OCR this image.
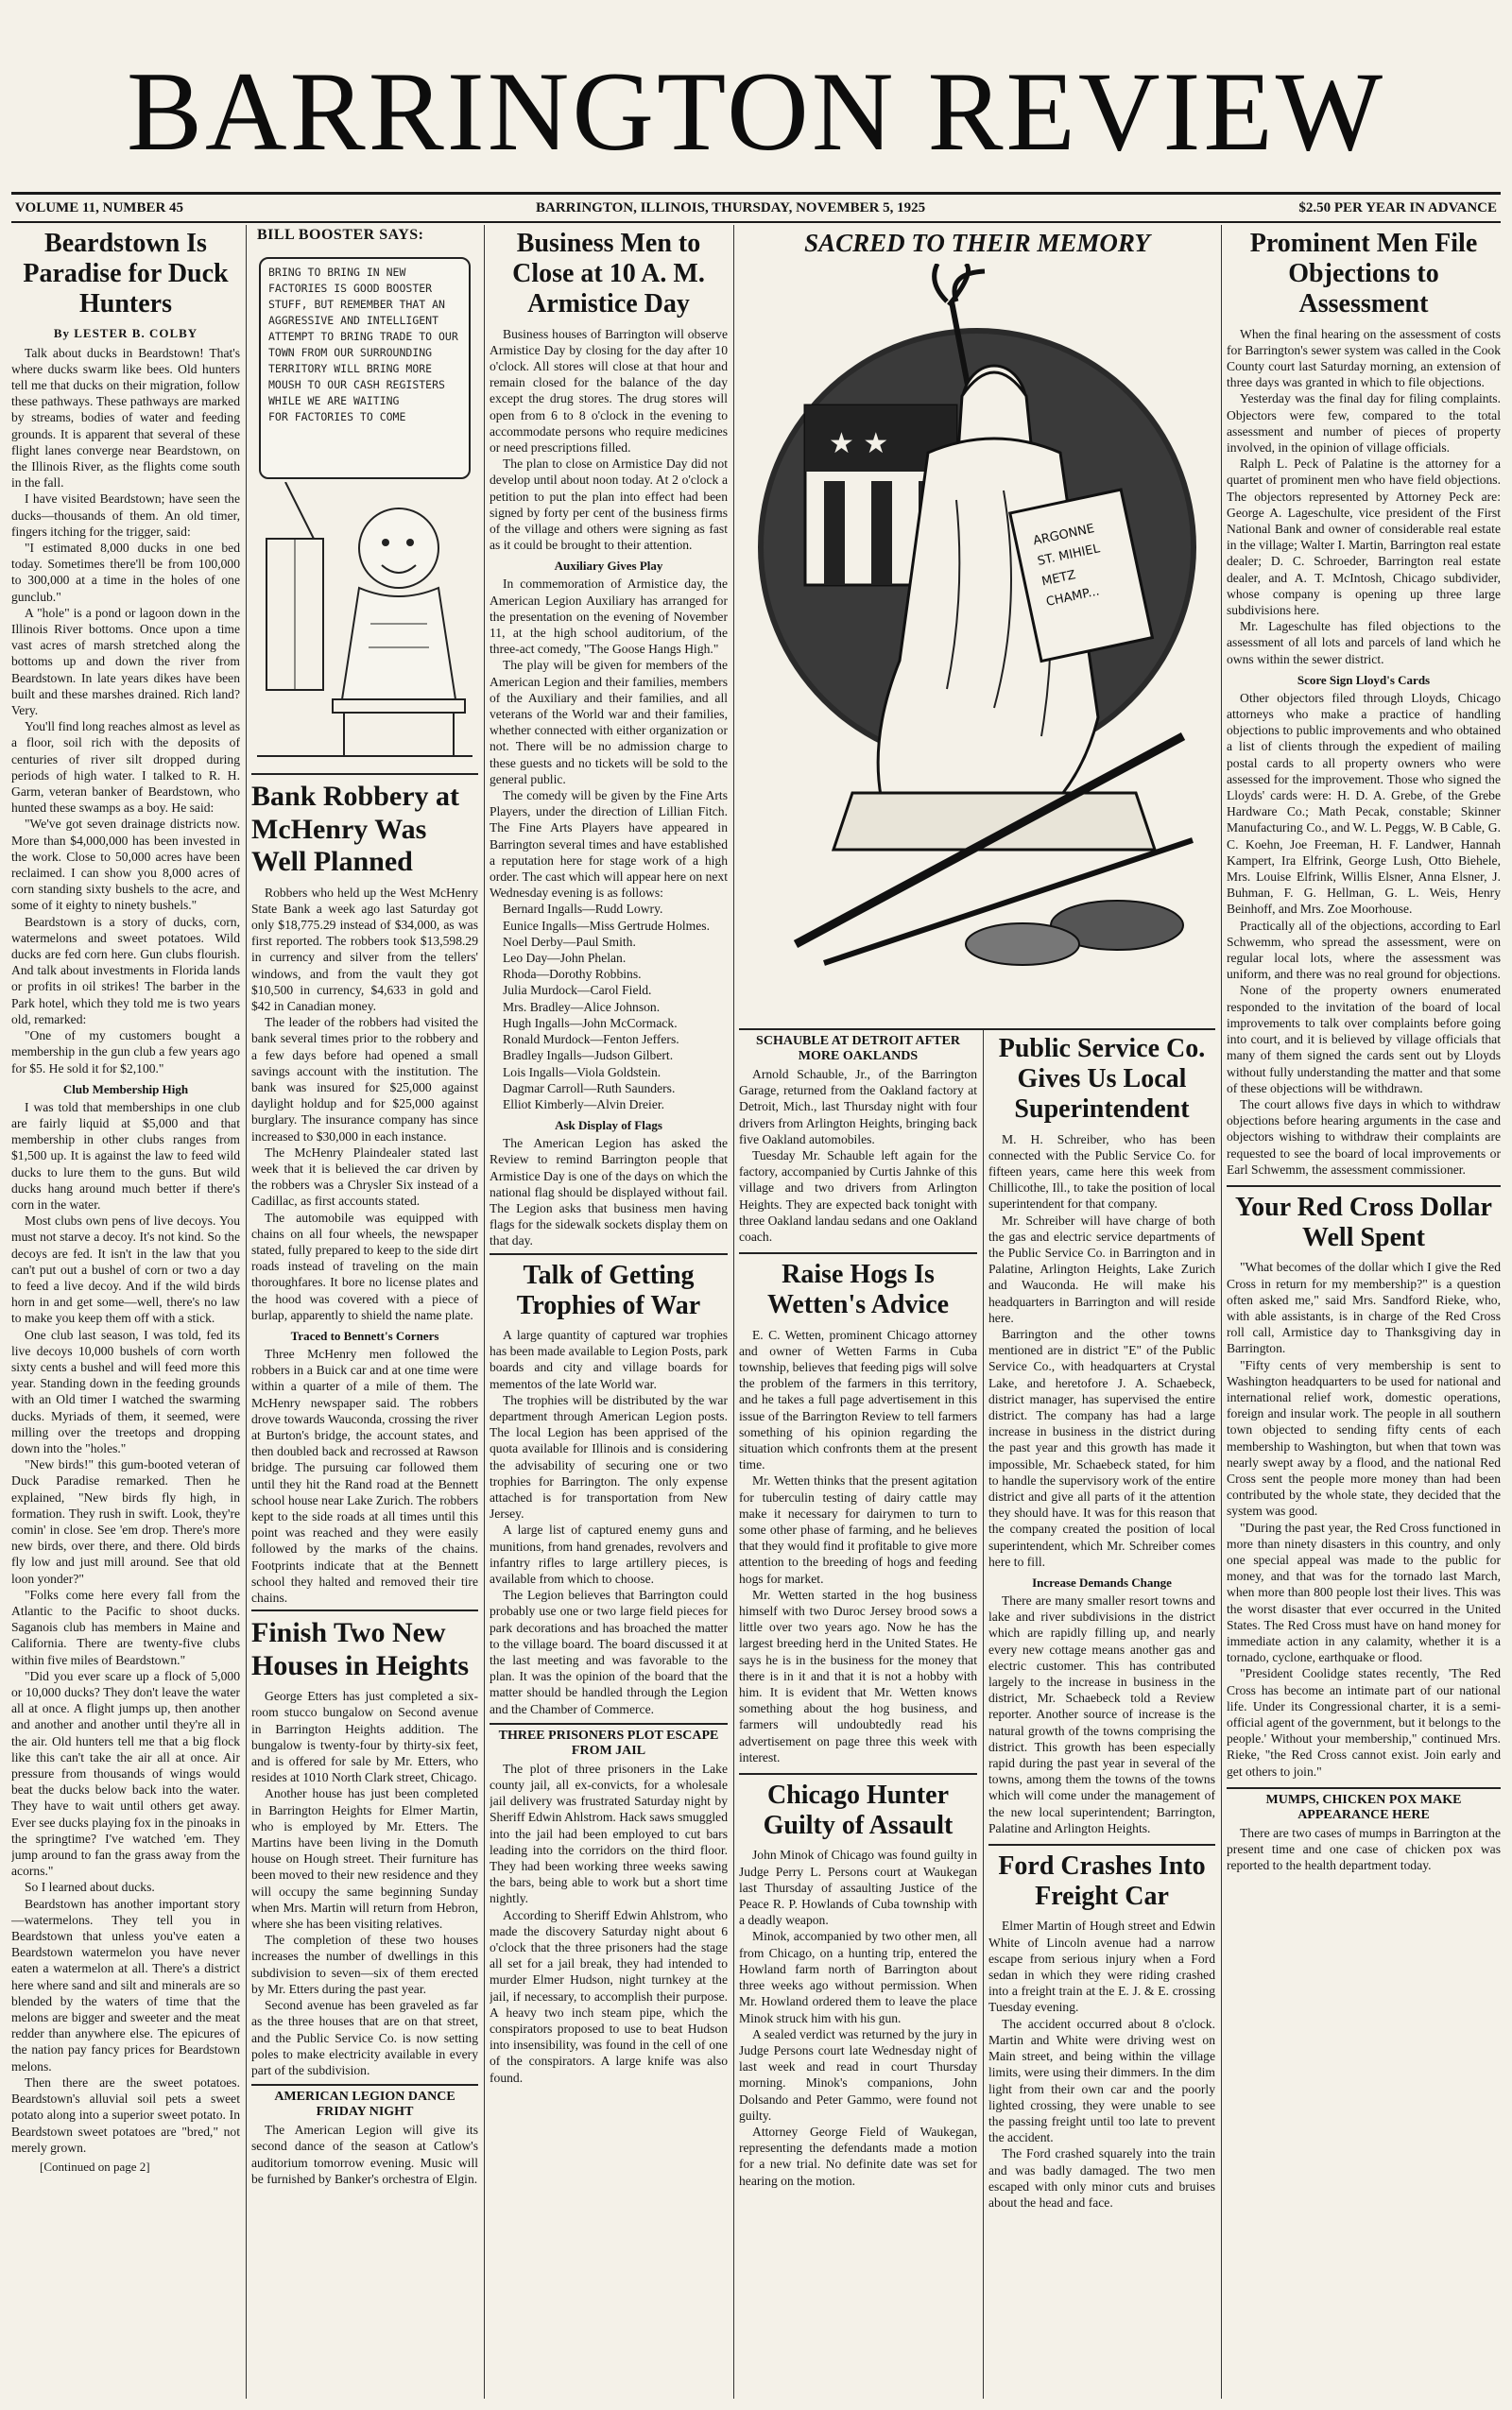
BARRINGTON REVIEW
VOLUME 11, NUMBER 45	BARRINGTON, ILLINOIS, THURSDAY, NOVEMBER 5, 1925	$2.50 PER YEAR IN ADVANCE
Beardstown Is Paradise for Duck Hunters
By LESTER B. COLBY

Talk about ducks in Beardstown! That's where ducks swarm like bees. Old hunters tell me that ducks on their migration, follow these pathways. These pathways are marked by streams, bodies of water and feeding grounds. It is apparent that several of these flight lanes converge near Beardstown, on the Illinois River, as the flights come south in the fall.

I have visited Beardstown; have seen the ducks—thousands of them. An old timer, fingers itching for the trigger, said:

"I estimated 8,000 ducks in one bed today. Sometimes there'll be from 100,000 to 300,000 at a time in the holes of one gunclub."

A "hole" is a pond or lagoon down in the Illinois River bottoms. Once upon a time vast acres of marsh stretched along the bottoms up and down the river from Beardstown. In late years dikes have been built and these marshes drained. Rich land? Very.

You'll find long reaches almost as level as a floor, soil rich with the deposits of centuries of river silt dropped during periods of high water. I talked to R. H. Garm, veteran banker of Beardstown, who hunted these swamps as a boy. He said:

"We've got seven drainage districts now. More than $4,000,000 has been invested in the work. Close to 50,000 acres have been reclaimed. I can show you 8,000 acres of corn standing sixty bushels to the acre, and some of it eighty to ninety bushels."

Beardstown is a story of ducks, corn, watermelons and sweet potatoes. Wild ducks are fed corn here. Gun clubs flourish. And talk about investments in Florida lands or profits in oil strikes! The barber in the Park hotel, which they told me is two years old, remarked:

"One of my customers bought a membership in the gun club a few years ago for $5. He sold it for $2,100."

Club Membership High

I was told that memberships in one club are fairly liquid at $5,000 and that membership in other clubs ranges from $1,500 up. It is against the law to feed wild ducks to lure them to the guns. But wild ducks hang around much better if there's corn in the water.

Most clubs own pens of live decoys. You must not starve a decoy. It's not kind. So the decoys are fed. It isn't in the law that you can't put out a bushel of corn or two a day to feed a live decoy. And if the wild birds horn in and get some—well, there's no law to make you keep them off with a stick.

One club last season, I was told, fed its live decoys 10,000 bushels of corn worth sixty cents a bushel and will feed more this year. Standing down in the feeding grounds with an Old timer I watched the swarming ducks. Myriads of them, it seemed, were milling over the treetops and dropping down into the "holes."

"New birds!" this gum-booted veteran of Duck Paradise remarked. Then he explained, "New birds fly high, in formation. They rush in swift. Look, they're comin' in close. See 'em drop. There's more new birds, over there, and there. Old birds fly low and just mill around. See that old loon yonder?"

"Folks come here every fall from the Atlantic to the Pacific to shoot ducks. Saganois club has members in Maine and California. There are twenty-five clubs within five miles of Beardstown."

"Did you ever scare up a flock of 5,000 or 10,000 ducks? They don't leave the water all at once. A flight jumps up, then another and another and another until they're all in the air. Old hunters tell me that a big flock like this can't take the air all at once. Air pressure from thousands of wings would beat the ducks below back into the water. They have to wait until others get away. Ever see ducks playing fox in the pinoaks in the springtime? I've watched 'em. They jump around to fan the grass away from the acorns."

So I learned about ducks.

Beardstown has another important story—watermelons. They tell you in Beardstown that unless you've eaten a Beardstown watermelon you have never eaten a watermelon at all. There's a district here where sand and silt and minerals are so blended by the waters of time that the melons are bigger and sweeter and the meat redder than anywhere else. The epicures of the nation pay fancy prices for Beardstown melons.

Then there are the sweet potatoes. Beardstown's alluvial soil pets a sweet potato along into a superior sweet potato. In Beardstown sweet potatoes are "bred," not merely grown.

[Continued on page 2]
BILL BOOSTER SAYS:
BRING TO BRING IN NEW
FACTORIES IS GOOD BOOSTER
STUFF, BUT REMEMBER THAT AN
AGGRESSIVE AND INTELLIGENT
ATTEMPT TO BRING TRADE TO OUR
TOWN FROM OUR SURROUNDING
TERRITORY WILL BRING MORE
MOUSH TO OUR CASH REGISTERS
WHILE WE ARE WAITING
FOR FACTORIES TO COME
Bank Robbery at McHenry Was Well Planned

Robbers who held up the West McHenry State Bank a week ago last Saturday got only $18,775.29 instead of $34,000, as was first reported. The robbers took $13,598.29 in currency and silver from the tellers' windows, and from the vault they got $10,500 in currency, $4,633 in gold and $42 in Canadian money.

The leader of the robbers had visited the bank several times prior to the robbery and a few days before had opened a small savings account with the institution. The bank was insured for $25,000 against daylight holdup and for $25,000 against burglary. The insurance company has since increased to $30,000 in each instance.

The McHenry Plaindealer stated last week that it is believed the car driven by the robbers was a Chrysler Six instead of a Cadillac, as first accounts stated.

The automobile was equipped with chains on all four wheels, the newspaper stated, fully prepared to keep to the side dirt roads instead of traveling on the main thoroughfares. It bore no license plates and the hood was covered with a piece of burlap, apparently to shield the name plate.

Traced to Bennett's Corners

Three McHenry men followed the robbers in a Buick car and at one time were within a quarter of a mile of them. The McHenry newspaper said. The robbers drove towards Wauconda, crossing the river at Burton's bridge, the account states, and then doubled back and recrossed at Rawson bridge. The pursuing car followed them until they hit the Rand road at the Bennett school house near Lake Zurich. The robbers kept to the side roads at all times until this point was reached and they were easily followed by the marks of the chains. Footprints indicate that at the Bennett school they halted and removed their tire chains.

Finish Two New Houses in Heights

George Etters has just completed a six-room stucco bungalow on Second avenue in Barrington Heights addition. The bungalow is twenty-four by thirty-six feet, and is offered for sale by Mr. Etters, who resides at 1010 North Clark street, Chicago.

Another house has just been completed in Barrington Heights for Elmer Martin, who is employed by Mr. Etters. The Martins have been living in the Domuth house on Hough street. Their furniture has been moved to their new residence and they will occupy the same beginning Sunday when Mrs. Martin will return from Hebron, where she has been visiting relatives.

The completion of these two houses increases the number of dwellings in this subdivision to seven—six of them erected by Mr. Etters during the past year.

Second avenue has been graveled as far as the three houses that are on that street, and the Public Service Co. is now setting poles to make electricity available in every part of the subdivision.

AMERICAN LEGION DANCE FRIDAY NIGHT

The American Legion will give its second dance of the season at Catlow's auditorium tomorrow evening. Music will be furnished by Banker's orchestra of Elgin.

Business Men to Close at 10 A. M. Armistice Day

Business houses of Barrington will observe Armistice Day by closing for the day after 10 o'clock. All stores will close at that hour and remain closed for the balance of the day except the drug stores. The drug stores will open from 6 to 8 o'clock in the evening to accommodate persons who require medicines or need prescriptions filled.

The plan to close on Armistice Day did not develop until about noon today. At 2 o'clock a petition to put the plan into effect had been signed by forty per cent of the business firms of the village and others were signing as fast as it could be brought to their attention.

Auxiliary Gives Play

In commemoration of Armistice day, the American Legion Auxiliary has arranged for the presentation on the evening of November 11, at the high school auditorium, of the three-act comedy, "The Goose Hangs High."

The play will be given for members of the American Legion and their families, members of the Auxiliary and their families, and all veterans of the World war and their families, whether connected with either organization or not. There will be no admission charge to these guests and no tickets will be sold to the general public.

The comedy will be given by the Fine Arts Players, under the direction of Lillian Fitch. The Fine Arts Players have appeared in Barrington several times and have established a reputation here for stage work of a high order. The cast which will appear here on next Wednesday evening is as follows:

Bernard Ingalls—Rudd Lowry.

Eunice Ingalls—Miss Gertrude Holmes.

Noel Derby—Paul Smith.

Leo Day—John Phelan.

Rhoda—Dorothy Robbins.

Julia Murdock—Carol Field.

Mrs. Bradley—Alice Johnson.

Hugh Ingalls—John McCormack.

Ronald Murdock—Fenton Jeffers.

Bradley Ingalls—Judson Gilbert.

Lois Ingalls—Viola Goldstein.

Dagmar Carroll—Ruth Saunders.

Elliot Kimberly—Alvin Dreier.

Ask Display of Flags

The American Legion has asked the Review to remind Barrington people that Armistice Day is one of the days on which the national flag should be displayed without fail. The Legion asks that business men having flags for the sidewalk sockets display them on that day.

Talk of Getting Trophies of War

A large quantity of captured war trophies has been made available to Legion Posts, park boards and city and village boards for mementos of the late World war.

The trophies will be distributed by the war department through American Legion posts. The local Legion has been apprised of the quota available for Illinois and is considering the advisability of securing one or two trophies for Barrington. The only expense attached is for transportation from New Jersey.

A large list of captured enemy guns and munitions, from hand grenades, revolvers and infantry rifles to large artillery pieces, is available from which to choose.

The Legion believes that Barrington could probably use one or two large field pieces for park decorations and has broached the matter to the village board. The board discussed it at the last meeting and was favorable to the plan. It was the opinion of the board that the matter should be handled through the Legion and the Chamber of Commerce.

THREE PRISONERS PLOT ESCAPE FROM JAIL

The plot of three prisoners in the Lake county jail, all ex-convicts, for a wholesale jail delivery was frustrated Saturday night by Sheriff Edwin Ahlstrom. Hack saws smuggled into the jail had been employed to cut bars leading into the corridors on the third floor. They had been working three weeks sawing the bars, being able to work but a short time nightly.

According to Sheriff Edwin Ahlstrom, who made the discovery Saturday night about 6 o'clock that the three prisoners had the stage all set for a jail break, they had intended to murder Elmer Hudson, night turnkey at the jail, if necessary, to accomplish their purpose. A heavy two inch steam pipe, which the conspirators proposed to use to beat Hudson into insensibility, was found in the cell of one of the conspirators. A large knife was also found.

SACRED TO THEIR MEMORY
★ ★
ARGONNE
ST. MIHIEL
METZ
CHAMP...
SCHAUBLE AT DETROIT AFTER MORE OAKLANDS

Arnold Schauble, Jr., of the Barrington Garage, returned from the Oakland factory at Detroit, Mich., last Thursday night with four drivers from Arlington Heights, bringing back five Oakland automobiles.

Tuesday Mr. Schauble left again for the factory, accompanied by Curtis Jahnke of this village and two drivers from Arlington Heights. They are expected back tonight with three Oakland landau sedans and one Oakland coach.

Raise Hogs Is Wetten's Advice

E. C. Wetten, prominent Chicago attorney and owner of Wetten Farms in Cuba township, believes that feeding pigs will solve the problem of the farmers in this territory, and he takes a full page advertisement in this issue of the Barrington Review to tell farmers something of his opinion regarding the situation which confronts them at the present time.

Mr. Wetten thinks that the present agitation for tuberculin testing of dairy cattle may make it necessary for dairymen to turn to some other phase of farming, and he believes that they would find it profitable to give more attention to the breeding of hogs and feeding hogs for market.

Mr. Wetten started in the hog business himself with two Duroc Jersey brood sows a little over two years ago. Now he has the largest breeding herd in the United States. He says he is in the business for the money that there is in it and that it is not a hobby with him. It is evident that Mr. Wetten knows something about the hog business, and farmers will undoubtedly read his advertisement on page three this week with interest.

Chicago Hunter Guilty of Assault

John Minok of Chicago was found guilty in Judge Perry L. Persons court at Waukegan last Thursday of assaulting Justice of the Peace R. P. Howlands of Cuba township with a deadly weapon.

Minok, accompanied by two other men, all from Chicago, on a hunting trip, entered the Howland farm north of Barrington about three weeks ago without permission. When Mr. Howland ordered them to leave the place Minok struck him with his gun.

A sealed verdict was returned by the jury in Judge Persons court late Wednesday night of last week and read in court Thursday morning. Minok's companions, John Dolsando and Peter Gammo, were found not guilty.

Attorney George Field of Waukegan, representing the defendants made a motion for a new trial. No definite date was set for hearing on the motion.

Public Service Co. Gives Us Local Superintendent

M. H. Schreiber, who has been connected with the Public Service Co. for fifteen years, came here this week from Chillicothe, Ill., to take the position of local superintendent for that company.

Mr. Schreiber will have charge of both the gas and electric service departments of the Public Service Co. in Barrington and in Palatine, Arlington Heights, Lake Zurich and Wauconda. He will make his headquarters in Barrington and will reside here.

Barrington and the other towns mentioned are in district "E" of the Public Service Co., with headquarters at Crystal Lake, and heretofore J. A. Schaebeck, district manager, has supervised the entire district. The company has had a large increase in business in the district during the past year and this growth has made it impossible, Mr. Schaebeck stated, for him to handle the supervisory work of the entire district and give all parts of it the attention they should have. It was for this reason that the company created the position of local superintendent, which Mr. Schreiber comes here to fill.

Increase Demands Change

There are many smaller resort towns and lake and river subdivisions in the district which are rapidly filling up, and nearly every new cottage means another gas and electric customer. This has contributed largely to the increase in business in the district, Mr. Schaebeck told a Review reporter. Another source of increase is the natural growth of the towns comprising the district. This growth has been especially rapid during the past year in several of the towns, among them the towns of the towns which will come under the management of the new local superintendent; Barrington, Palatine and Arlington Heights.

Ford Crashes Into Freight Car

Elmer Martin of Hough street and Edwin White of Lincoln avenue had a narrow escape from serious injury when a Ford sedan in which they were riding crashed into a freight train at the E. J. & E. crossing Tuesday evening.

The accident occurred about 8 o'clock. Martin and White were driving west on Main street, and being within the village limits, were using their dimmers. In the dim light from their own car and the poorly lighted crossing, they were unable to see the passing freight until too late to prevent the accident.

The Ford crashed squarely into the train and was badly damaged. The two men escaped with only minor cuts and bruises about the head and face.

Prominent Men File Objections to Assessment

When the final hearing on the assessment of costs for Barrington's sewer system was called in the Cook County court last Saturday morning, an extension of three days was granted in which to file objections.

Yesterday was the final day for filing complaints. Objectors were few, compared to the total assessment and number of pieces of property involved, in the opinion of village officials.

Ralph L. Peck of Palatine is the attorney for a quartet of prominent men who have field objections. The objectors represented by Attorney Peck are: George A. Lageschulte, vice president of the First National Bank and owner of considerable real estate in the village; Walter I. Martin, Barrington real estate dealer; D. C. Schroeder, Barrington real estate dealer, and A. T. McIntosh, Chicago subdivider, whose company is opening up three large subdivisions here.

Mr. Lageschulte has filed objections to the assessment of all lots and parcels of land which he owns within the sewer district.

Score Sign Lloyd's Cards

Other objectors filed through Lloyds, Chicago attorneys who make a practice of handling objections to public improvements and who obtained a list of clients through the expedient of mailing postal cards to all property owners who were assessed for the improvement. Those who signed the Lloyds' cards were: H. D. A. Grebe, of the Grebe Hardware Co.; Math Pecak, constable; Skinner Manufacturing Co., and W. L. Peggs, W. B Cable, G. C. Koehn, Joe Freeman, H. F. Landwer, Hannah Kampert, Ira Elfrink, George Lush, Otto Biehele, Mrs. Louise Elfrink, Willis Elsner, Anna Elsner, J. Buhman, F. G. Hellman, G. L. Weis, Henry Beinhoff, and Mrs. Zoe Moorhouse.

Practically all of the objections, according to Earl Schwemm, who spread the assessment, were on regular local lots, where the assessment was uniform, and there was no real ground for objections.

None of the property owners enumerated responded to the invitation of the board of local improvements to talk over complaints before going into court, and it is believed by village officials that many of them signed the cards sent out by Lloyds without fully understanding the matter and that some of these objections will be withdrawn.

The court allows five days in which to withdraw objections before hearing arguments in the case and objectors wishing to withdraw their complaints are requested to see the board of local improvements or Earl Schwemm, the assessment commissioner.

Your Red Cross Dollar Well Spent

"What becomes of the dollar which I give the Red Cross in return for my membership?" is a question often asked me," said Mrs. Sandford Rieke, who, with able assistants, is in charge of the Red Cross roll call, Armistice day to Thanksgiving day in Barrington.

"Fifty cents of very membership is sent to Washington headquarters to be used for national and international relief work, domestic operations, foreign and insular work. The people in all southern town objected to sending fifty cents of each membership to Washington, but when that town was nearly swept away by a flood, and the national Red Cross sent the people more money than had been contributed by the whole state, they decided that the system was good.

"During the past year, the Red Cross functioned in more than ninety disasters in this country, and only one special appeal was made to the public for money, and that was for the tornado last March, when more than 800 people lost their lives. This was the worst disaster that ever occurred in the United States. The Red Cross must have on hand money for immediate action in any calamity, whether it is a tornado, cyclone, earthquake or flood.

"President Coolidge states recently, 'The Red Cross has become an intimate part of our national life. Under its Congressional charter, it is a semi-official agent of the government, but it belongs to the people.' Without your membership," continued Mrs. Rieke, "the Red Cross cannot exist. Join early and get others to join."

MUMPS, CHICKEN POX MAKE APPEARANCE HERE

There are two cases of mumps in Barrington at the present time and one case of chicken pox was reported to the health department today.
